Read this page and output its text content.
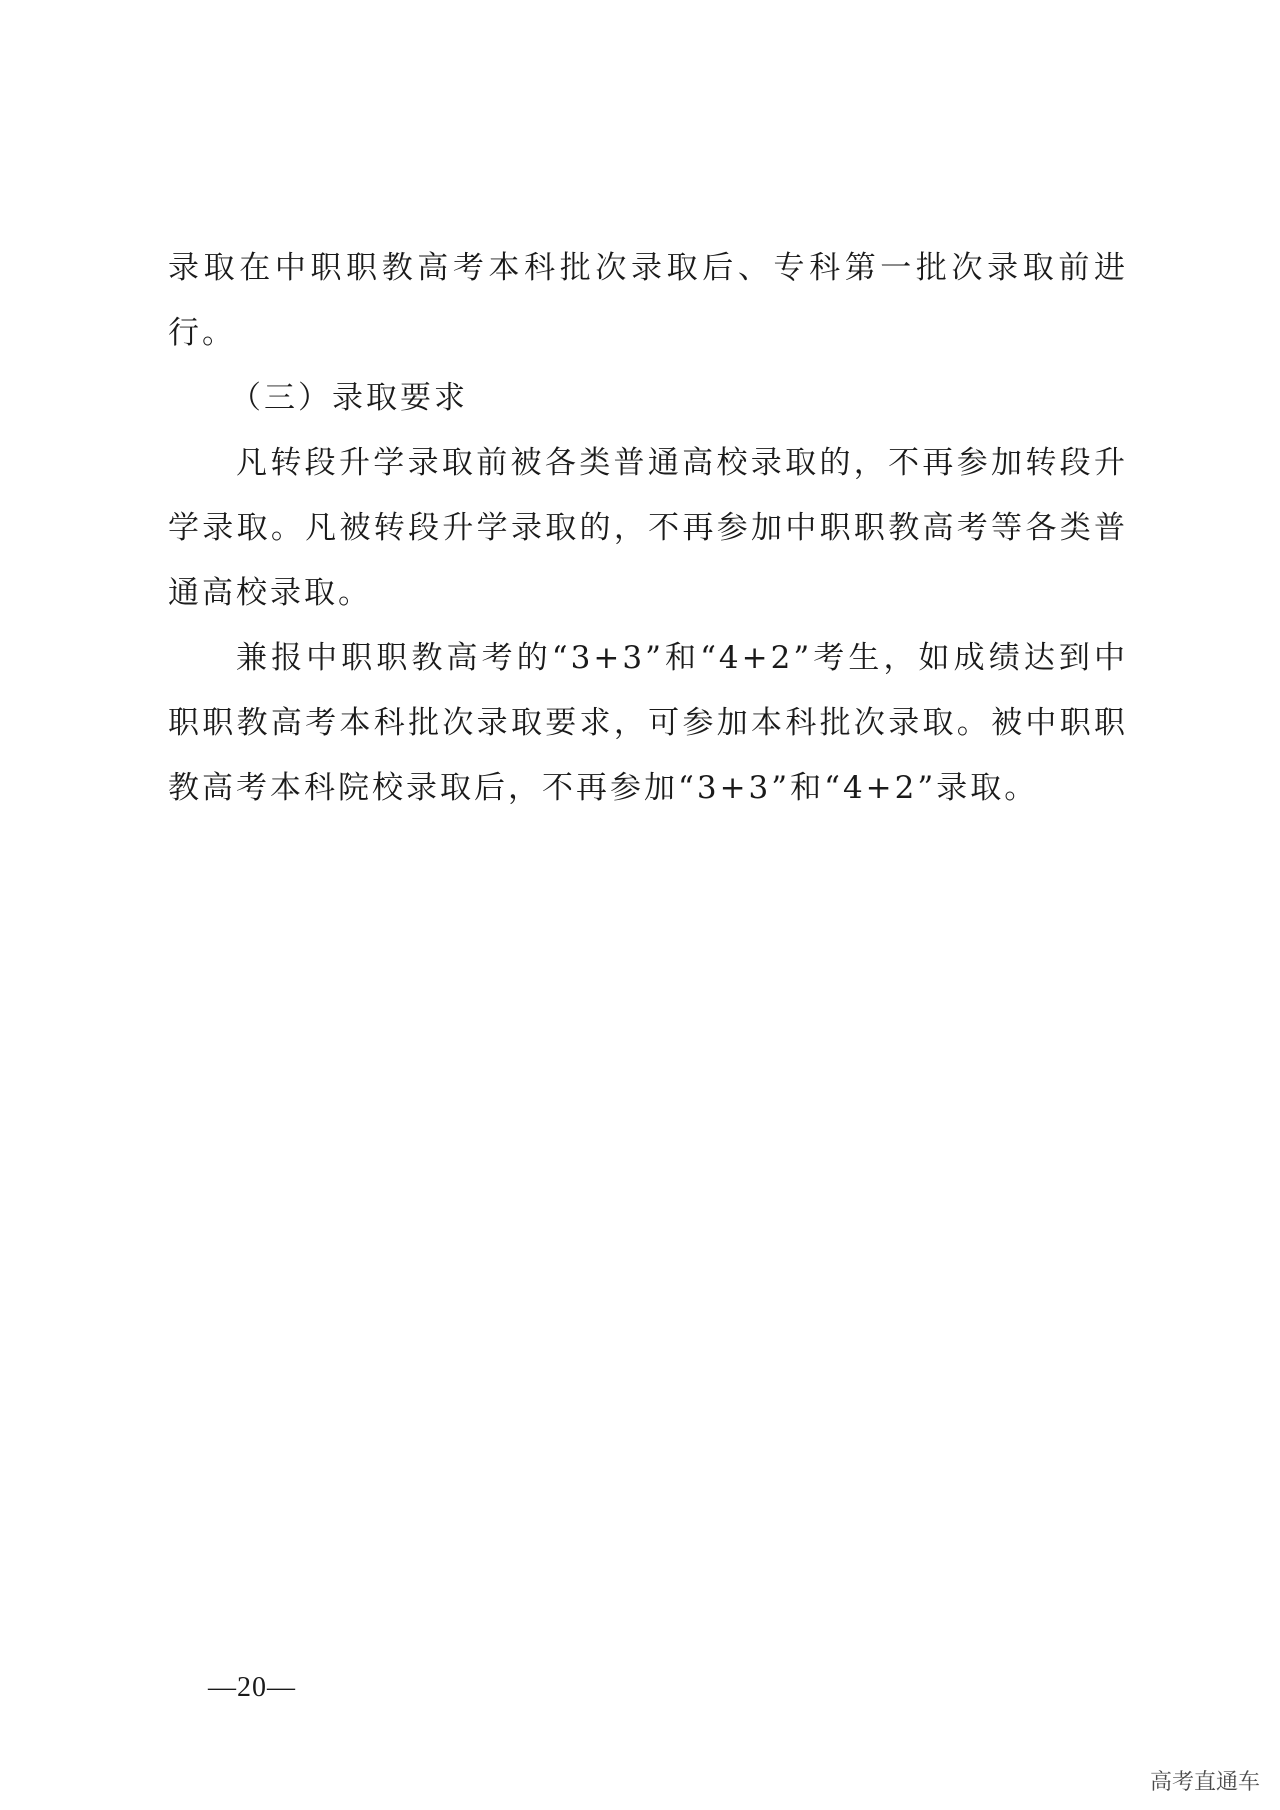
录取在中职职教高考本科批次录取后、专科第一批次录取前进行。

（三）录取要求

凡转段升学录取前被各类普通高校录取的，不再参加转段升学录取。凡被转段升学录取的，不再参加中职职教高考等各类普通高校录取。

兼报中职职教高考的“3+3”和“4+2”考生，如成绩达到中职职教高考本科批次录取要求，可参加本科批次录取。被中职职教高考本科院校录取后，不再参加“3+3”和“4+2”录取。

—20—
高考直通车
